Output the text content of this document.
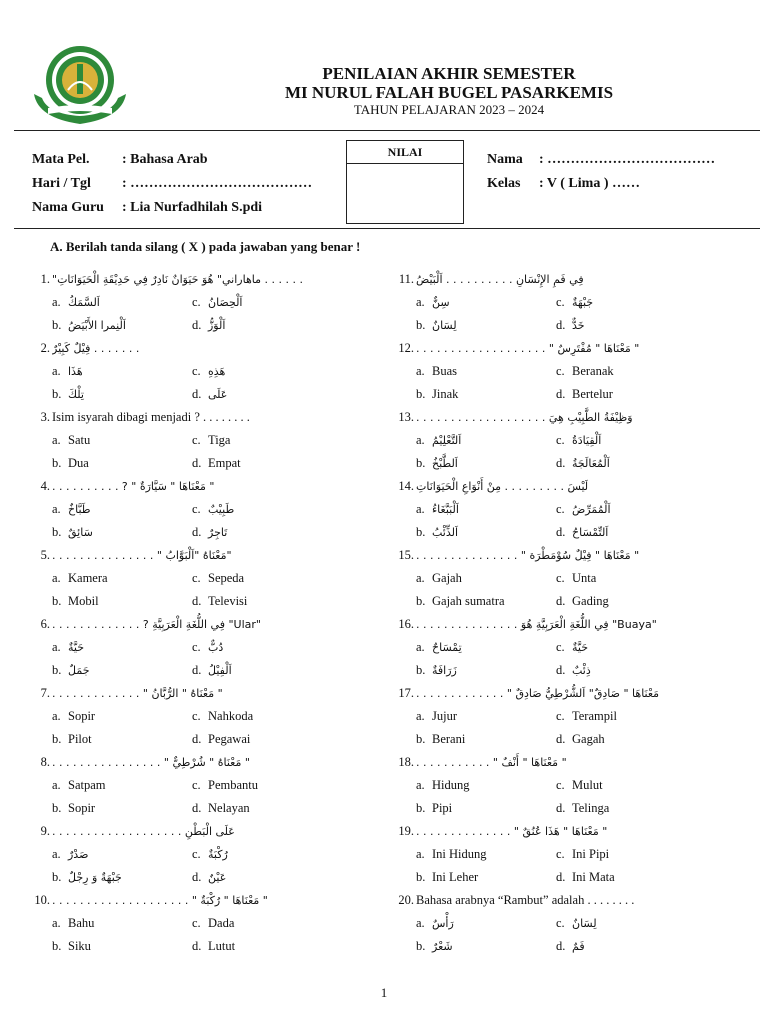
PENILAIAN AKHIR SEMESTER
MI NURUL FALAH BUGEL PASARKEMIS
TAHUN PELAJARAN 2023 – 2024
Mata Pel.	: Bahasa Arab
Hari / Tgl	: …………………………………
Nama Guru	: Lia Nurfadhilah S.pdi
NILAI	Nama	: ………………………………
Kelas	: V ( Lima ) ……
A. Berilah tanda silang ( X ) pada jawaban yang benar !
1. "ماهاراني" هُوَ حَيَوَانٌ نَادِرٌ فِي حَدِيْقَةِ الْحَيَوَانَاتِ . . . . . .
a. اَلسَّمَكُ	c. اَلْحِصَانُ
b. اَلْنِمرا الأَبْيَضُ	d. اَلْوَزُّ
2. فِيْلٌ كَبِيْرٌ . . . . . . .
a. هَذَا	c. هَذِهِ
b. تِلْكَ	d. عَلَى
3. Isim isyarah dibagi menjadi ? . . . . . . . .
a. Satu	c. Tiga
b. Dua	d. Empat
4. . . . . . . . . . . ? " مَعْنَاهَا " سَيَّارَةٌ "
a. طَبَّاخٌ	c. طَبِيْبٌ
b. سَائِقٌ	d. تَاجِرٌ
5. . . . . . . . . . . . . . . . " مَعْنَاهُ "اَلْبَوَّابُ"
a. Kamera	c. Sepeda
b. Mobil	d. Televisi
6. . . . . . . . . . . . . . ? فِي اللُّغَةِ الْعَرَبِيَّةِ "Ular"
a. حَيَّةٌ	c. دُبٌّ
b. جَمَلٌ	d. اَلْفِيْلُ
7. . . . . . . . . . . . . . " مَعْنَاهُ " الرُّبَّانُ "
a. Sopir	c. Nahkoda
b. Pilot	d. Pegawai
8. . . . . . . . . . . . . . . . . " مَعْنَاهُ " شُرْطِيٌّ "
a. Satpam	c. Pembantu
b. Sopir	d. Nelayan
9. . . . . . . . . . . . . . . . . . . . عَلَى الْبَطْنِ
a. صَدْرٌ	c. رُكْبَةٌ
b. جَبْهَةٌ وَ رِجْلٌ	d. عَيْنٌ
10. . . . . . . . . . . . . . . . . . . . . " مَعْنَاهَا " رُكْبَةٌ "
a. Bahu	c. Dada
b. Siku	d. Lutut
11. فِي فَمِ الإِنْسَانِ . . . . . . . . . . اَلْبَيْضُ
a. سِنٌّ	c. جَبْهَةٌ
b. لِسَانٌ	d. خَدٌّ
12. . . . . . . . . . . . . . . . . . . . " مَعْنَاهَا " مُفْتَرِسٌ "
a. Buas	c. Beranak
b. Jinak	d. Bertelur
13. . . . . . . . . . . . . . . . . . . . وَظِيْفَةُ الطَّبِيْبِ هِيَ
a. اَلتَّعْلِيْمُ	c. اَلْقِيَادَةُ
b. اَلطَّبْخُ	d. اَلْمُعَالَجَةُ
14. لَيْسَ . . . . . . . . . مِنْ أَنْوَاعِ الْحَيَوَانَاتِ
a. اَلْبَبَّغَاءُ	c. اَلْمُمَرِّضُ
b. اَلذِّئْبُ	d. اَلتِّمْسَاحُ
15. . . . . . . . . . . . . . . . " مَعْنَاهَا " فِيْلٌ سُوْمَطْرَة "
a. Gajah	c. Unta
b. Gajah sumatra	d. Gading
16. . . . . . . . . . . . . . . . فِي اللُّغَةِ الْعَرَبِيَّةِ هُوَ "Buaya"
a. تِمْسَاحٌ	c. حَيَّةٌ
b. زَرَافَةٌ	d. ذِئْبٌ
17. . . . . . . . . . . . . . " مَعْنَاهَا " صَادِقٌ" اَلشُّرْطِيُّ صَادِقٌ
a. Jujur	c. Terampil
b. Berani	d. Gagah
18. . . . . . . . . . . . " مَعْنَاهَا " أَنْفٌ "
a. Hidung	c. Mulut
b. Pipi	d. Telinga
19. . . . . . . . . . . . . . . " مَعْنَاهَا " هَذَا عُنُقٌ "
a. Ini Hidung	c. Ini Pipi
b. Ini Leher	d. Ini Mata
20. Bahasa arabnya “Rambut” adalah . . . . . . . .
a. رَأْسٌ	c. لِسَانٌ
b. شَعْرٌ	d. فَمٌ
1
